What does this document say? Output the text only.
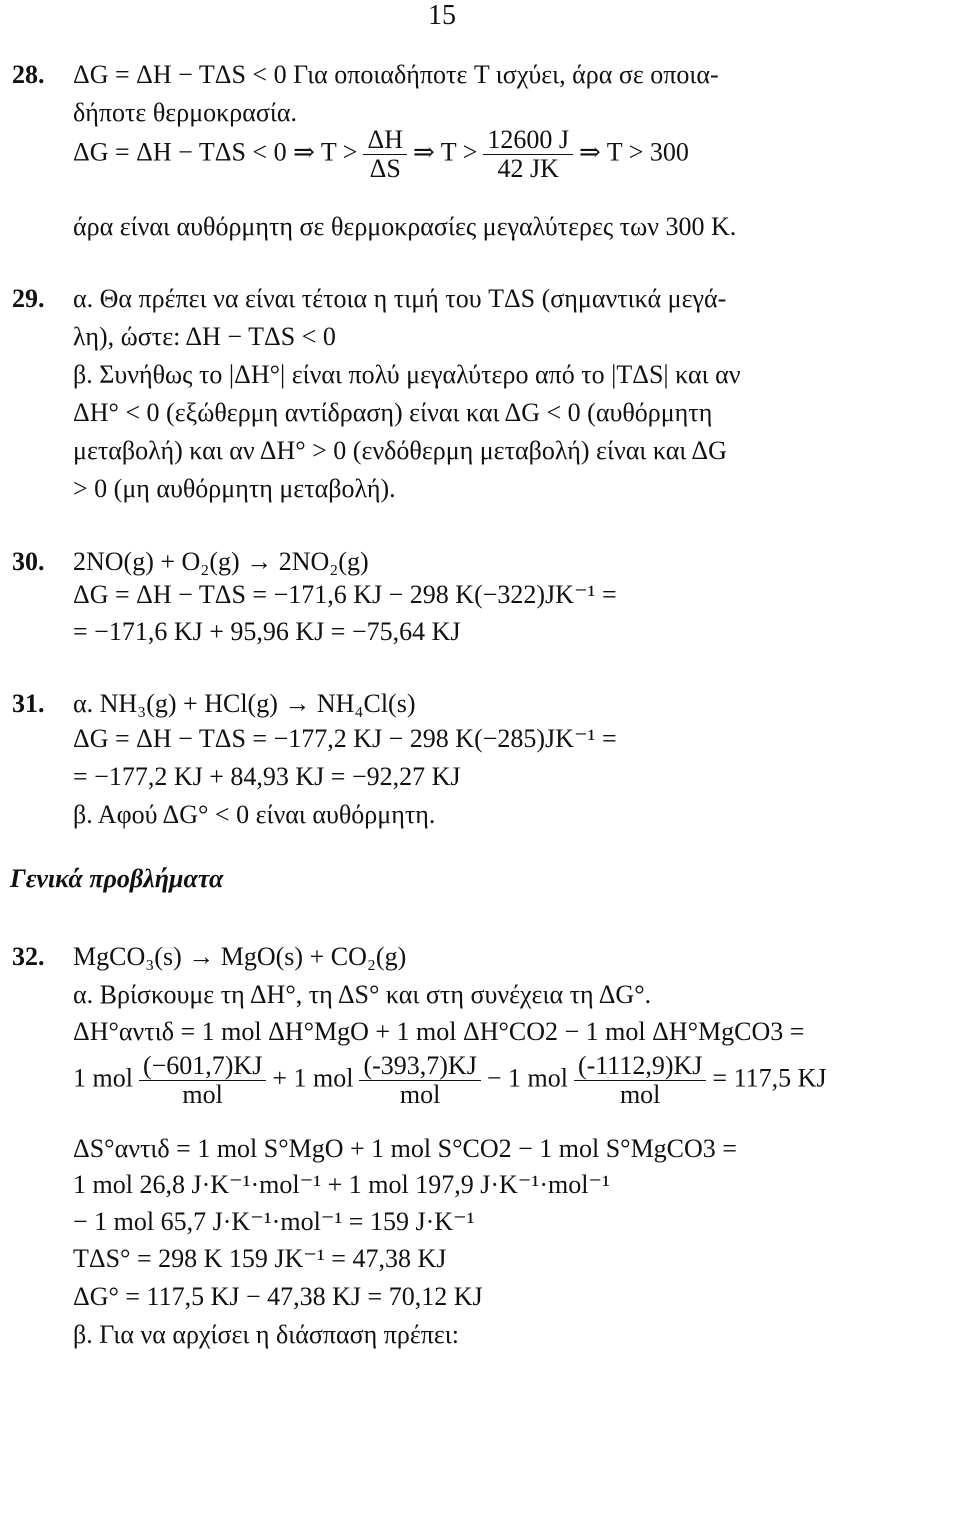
15
28. ΔG = ΔH − TΔS < 0 Για οποιαδήποτε T ισχύει, άρα σε οποια-
δήποτε θερμοκρασία.
ΔG = ΔH − TΔS < 0 ⇒ $T > \frac{\Delta H}{\Delta S}$ ⇒ $T > \frac{12600 J}{42 JK}$ ⇒ T > 300
άρα είναι αυθόρμητη σε θερμοκρασίες μεγαλύτερες των 300 K.
29. α. Θα πρέπει να είναι τέτοια η τιμή του TΔS (σημαντικά μεγά-
λη), ώστε: ΔH − TΔS < 0
β. Συνήθως το |ΔH°| είναι πολύ μεγαλύτερο από το |TΔS| και αν
ΔH° < 0 (εξώθερμη αντίδραση) είναι και ΔG < 0 (αυθόρμητη
μεταβολή) και αν ΔH° > 0 (ενδόθερμη μεταβολή) είναι και ΔG
> 0 (μη αυθόρμητη μεταβολή).
30. 2NO(g) + O₂(g) → 2NO₂(g)
ΔG = ΔH − TΔS = −171,6 KJ − 298 K(−322)JK⁻¹ =
= −171,6 KJ + 95,96 KJ = −75,64 KJ
31. α. NH₃(g) + HCl(g) → NH₄Cl(s)
ΔG = ΔH − TΔS = −177,2 KJ − 298 K(−285)JK⁻¹ =
= −177,2 KJ + 84,93 KJ = −92,27 KJ
β. Αφού ΔG° < 0 είναι αυθόρμητη.
Γενικά προβλήματα
32. MgCO₃(s) → MgO(s) + CO₂(g)
α. Βρίσκουμε τη ΔH°, τη ΔS° και στη συνέχεια τη ΔG°.
ΔH°αντιδ = 1 mol ΔH°MgO + 1 mol ΔH°CO2 − 1 mol ΔH°MgCO3 =
1 mol $\frac{(-601,7)KJ}{\text{mol}} + 1$ mol $\frac{(-393,7)KJ}{\text{mol}} - 1$ mol $\frac{(-1112,9)KJ}{\text{mol}} = 117,5$ KJ
ΔS°αντιδ = 1 mol S°MgO + 1 mol S°CO2 − 1 mol S°MgCO3 =
1 mol 26,8 J·K⁻¹·mol⁻¹ + 1 mol 197,9 J·K⁻¹·mol⁻¹
− 1 mol 65,7 J·K⁻¹·mol⁻¹ = 159 J·K⁻¹
TΔS° = 298 K 159 JK⁻¹ = 47,38 KJ
ΔG° = 117,5 KJ − 47,38 KJ = 70,12 KJ
β. Για να αρχίσει η διάσπαση πρέπει:
